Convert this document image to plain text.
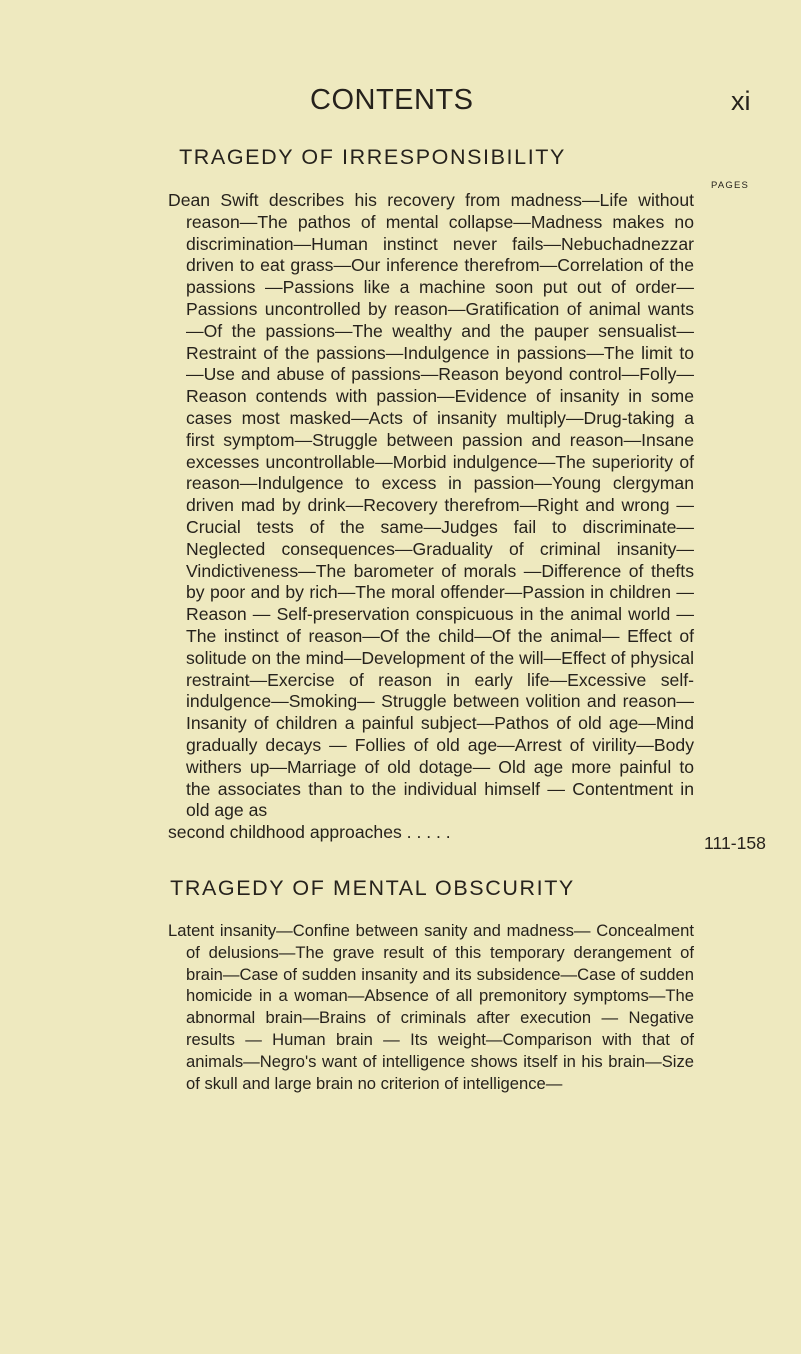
CONTENTS	xi
TRAGEDY OF IRRESPONSIBILITY
PAGES
Dean Swift describes his recovery from madness—Life without reason—The pathos of mental collapse—Madness makes no discrimination—Human instinct never fails—Nebuchadnezzar driven to eat grass—Our inference therefrom—Correlation of the passions —Passions like a machine soon put out of order—Passions uncontrolled by reason—Gratification of animal wants—Of the passions—The wealthy and the pauper sensualist—Restraint of the passions—Indulgence in passions—The limit to—Use and abuse of passions—Reason beyond control—Folly—Reason contends with passion—Evidence of insanity in some cases most masked—Acts of insanity multiply—Drug-taking a first symptom—Struggle between passion and reason—Insane excesses uncontrollable—Morbid indulgence—The superiority of reason—Indulgence to excess in passion—Young clergyman driven mad by drink—Recovery therefrom—Right and wrong —Crucial tests of the same—Judges fail to discriminate—Neglected consequences—Graduality of criminal insanity—Vindictiveness—The barometer of morals —Difference of thefts by poor and by rich—The moral offender—Passion in children — Reason — Self-preservation conspicuous in the animal world — The instinct of reason—Of the child—Of the animal— Effect of solitude on the mind—Development of the will—Effect of physical restraint—Exercise of reason in early life—Excessive self-indulgence—Smoking— Struggle between volition and reason—Insanity of children a painful subject—Pathos of old age—Mind gradually decays — Follies of old age—Arrest of virility—Body withers up—Marriage of old dotage— Old age more painful to the associates than to the individual himself — Contentment in old age as
second childhood approaches . . . . .
111-158
TRAGEDY OF MENTAL OBSCURITY
Latent insanity—Confine between sanity and madness— Concealment of delusions—The grave result of this temporary derangement of brain—Case of sudden insanity and its subsidence—Case of sudden homicide in a woman—Absence of all premonitory symptoms—The abnormal brain—Brains of criminals after execution — Negative results — Human brain — Its weight—Comparison with that of animals—Negro's want of intelligence shows itself in his brain—Size of skull and large brain no criterion of intelligence—
